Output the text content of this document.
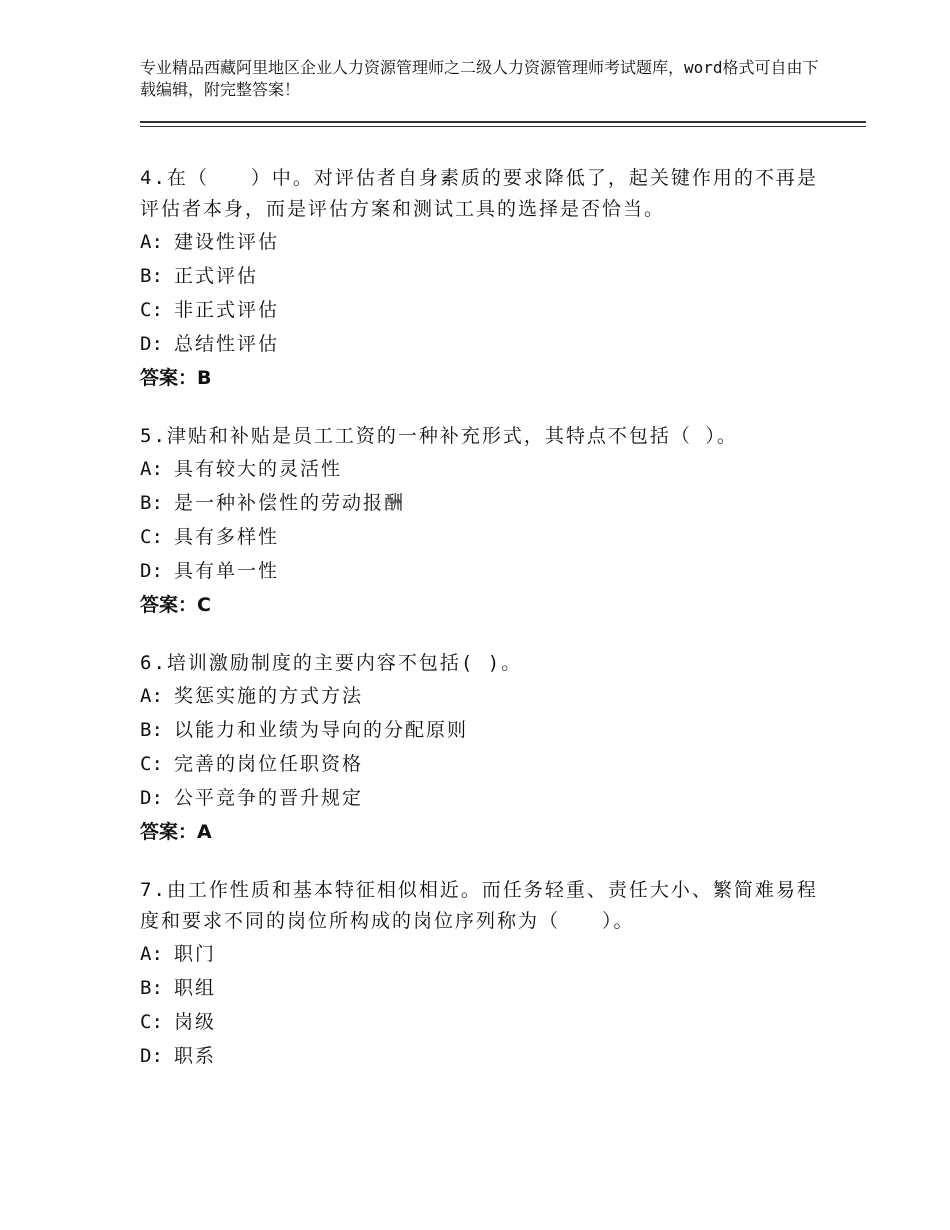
专业精品西藏阿里地区企业人力资源管理师之二级人力资源管理师考试题库，word格式可自由下载编辑，附完整答案！
4.在（　　）中。对评估者自身素质的要求降低了，起关键作用的不再是评估者本身，而是评估方案和测试工具的选择是否恰当。
A: 建设性评估
B: 正式评估
C: 非正式评估
D: 总结性评估
答案：B
5.津贴和补贴是员工工资的一种补充形式，其特点不包括（ ）。
A: 具有较大的灵活性
B: 是一种补偿性的劳动报酬
C: 具有多样性
D: 具有单一性
答案：C
6.培训激励制度的主要内容不包括( )。
A: 奖惩实施的方式方法
B: 以能力和业绩为导向的分配原则
C: 完善的岗位任职资格
D: 公平竞争的晋升规定
答案：A
7.由工作性质和基本特征相似相近。而任务轻重、责任大小、繁简难易程度和要求不同的岗位所构成的岗位序列称为（　　）。
A: 职门
B: 职组
C: 岗级
D: 职系
